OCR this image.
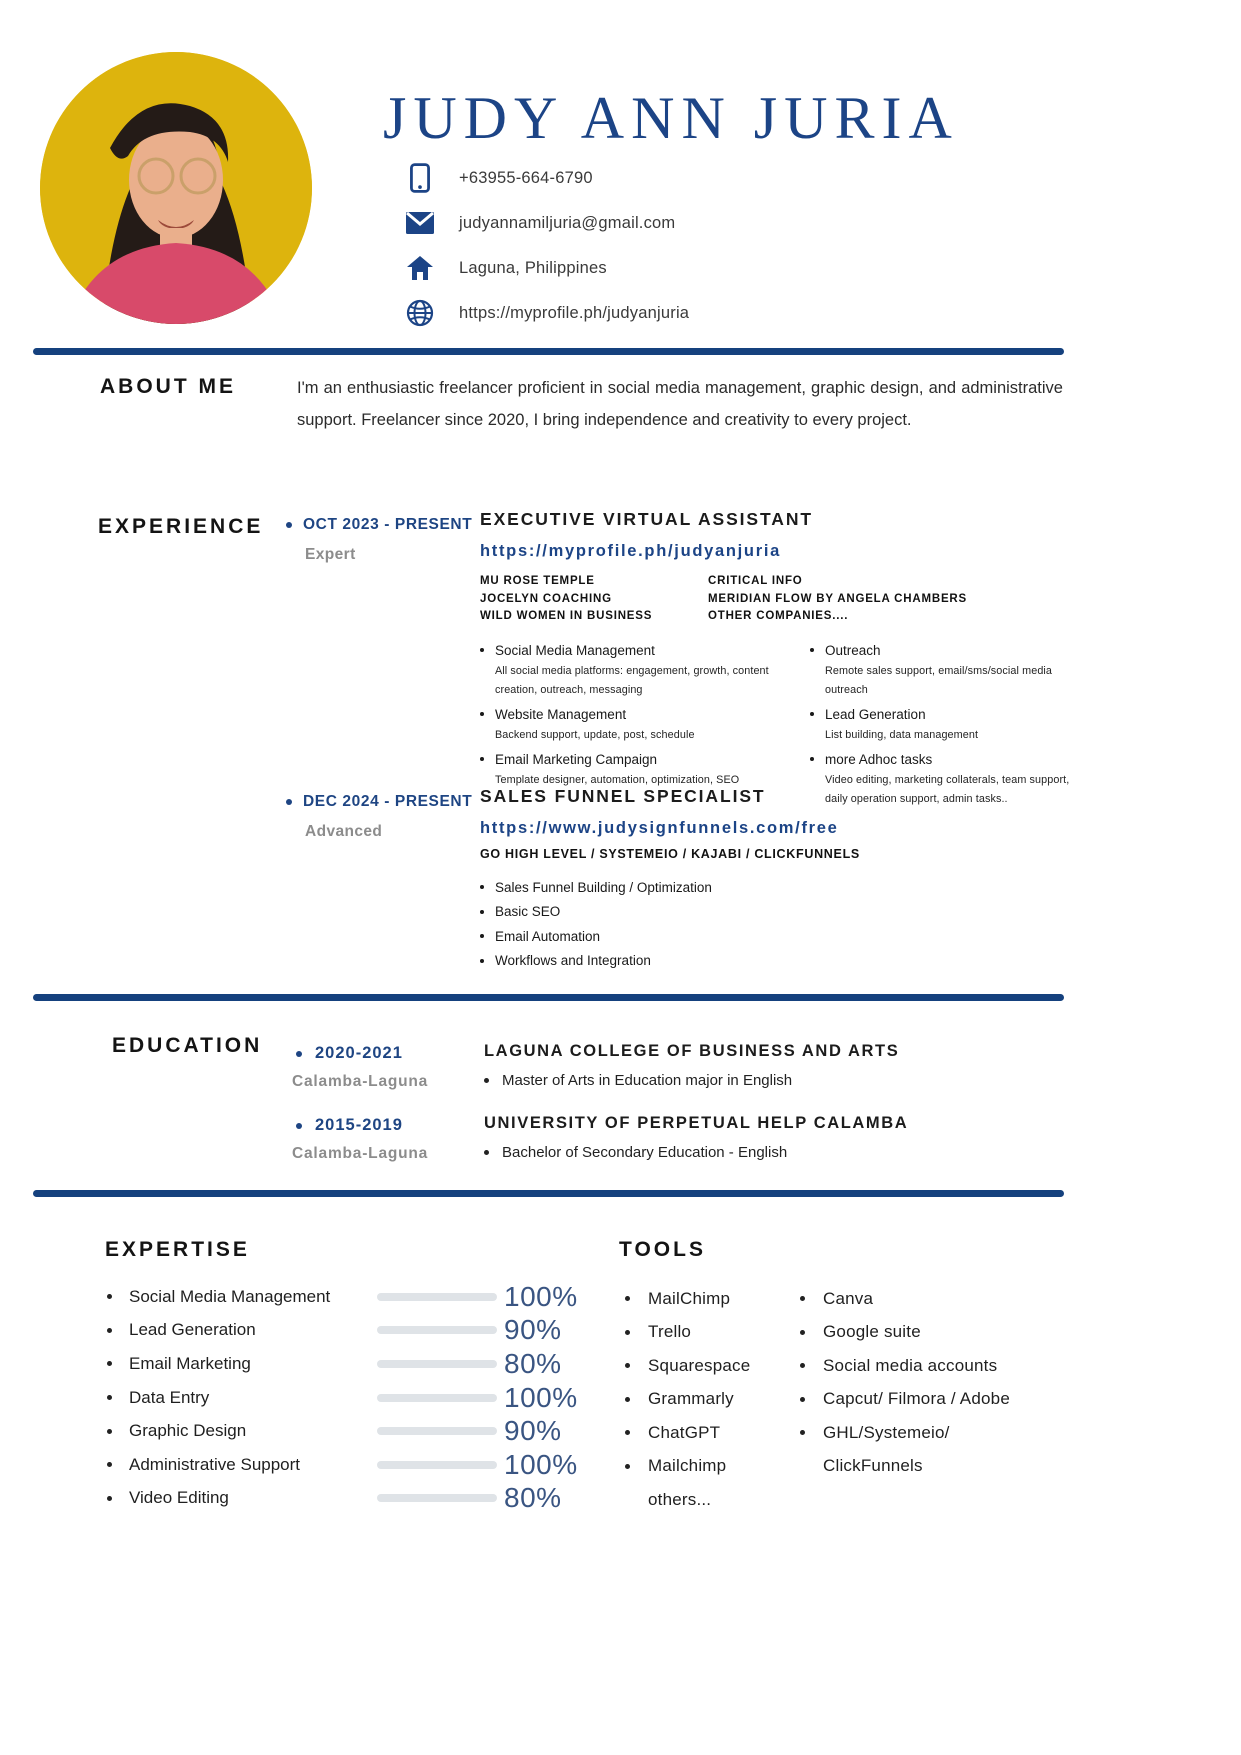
JUDY ANN JURIA
+63955-664-6790
judyannamiljuria@gmail.com
Laguna, Philippines
https://myprofile.ph/judyanjuria
ABOUT ME	I'm an enthusiastic freelancer proficient in social media management, graphic design, and administrative support. Freelancer since 2020, I bring independence and creativity to every project.
EXPERIENCE	OCT 2023 - PRESENT
Expert
EXECUTIVE VIRTUAL ASSISTANT
https://myprofile.ph/judyanjuria
MU ROSE TEMPLE
JOCELYN COACHING
WILD WOMEN IN BUSINESS
CRITICAL INFO
MERIDIAN FLOW BY ANGELA CHAMBERS
OTHER COMPANIES....
Social Media Management
All social media platforms: engagement, growth, content creation, outreach, messaging
Website Management
Backend support, update, post, schedule
Email Marketing Campaign
Template designer, automation, optimization, SEO
Outreach
Remote sales support, email/sms/social media outreach
Lead Generation
List building, data management
more Adhoc tasks
Video editing, marketing collaterals, team support, daily operation support, admin tasks..
DEC 2024 - PRESENT
Advanced
SALES FUNNEL SPECIALIST
https://www.judysignfunnels.com/free
GO HIGH LEVEL / SYSTEMEIO / KAJABI / CLICKFUNNELS
Sales Funnel Building / Optimization
Basic SEO
Email Automation
Workflows and Integration
EDUCATION	2020-2021
Calamba-Laguna
LAGUNA COLLEGE OF BUSINESS AND ARTS
Master of Arts in Education major in English
2015-2019
Calamba-Laguna
UNIVERSITY OF PERPETUAL HELP CALAMBA
Bachelor of Secondary Education - English
EXPERTISE	TOOLS
Social Media Management	100%
Lead Generation	90%
Email Marketing	80%
Data Entry	100%
Graphic Design	90%
Administrative Support	100%
Video Editing	80%
MailChimp
Trello
Squarespace
Grammarly
ChatGPT
Mailchimp
others...
Canva
Google suite
Social media accounts
Capcut/ Filmora / Adobe
GHL/Systemeio/
ClickFunnels
